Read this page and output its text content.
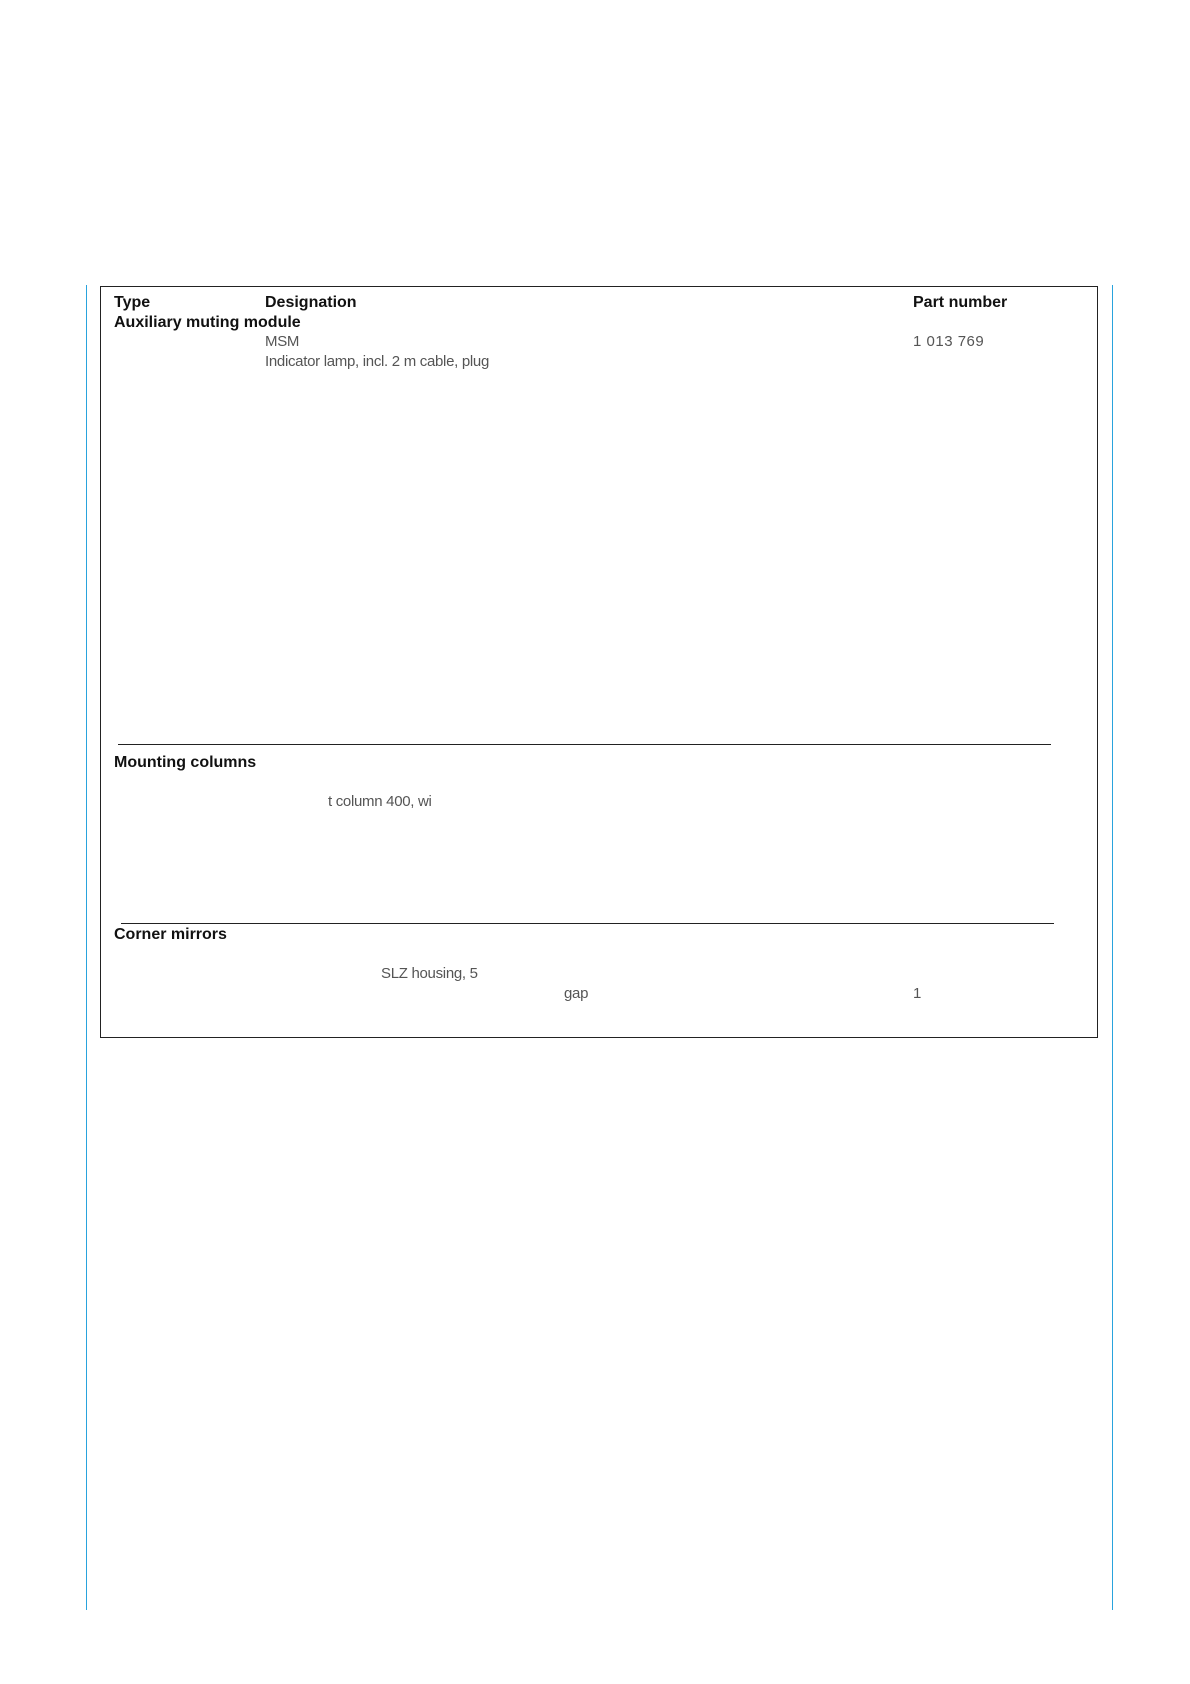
Type	Designation	Part number
Auxiliary muting module
MSM	1 013 769
Indicator lamp, incl. 2 m cable, plug
Mounting columns
t column 400, wi
Corner mirrors
SLZ housing, 5
gap	1
